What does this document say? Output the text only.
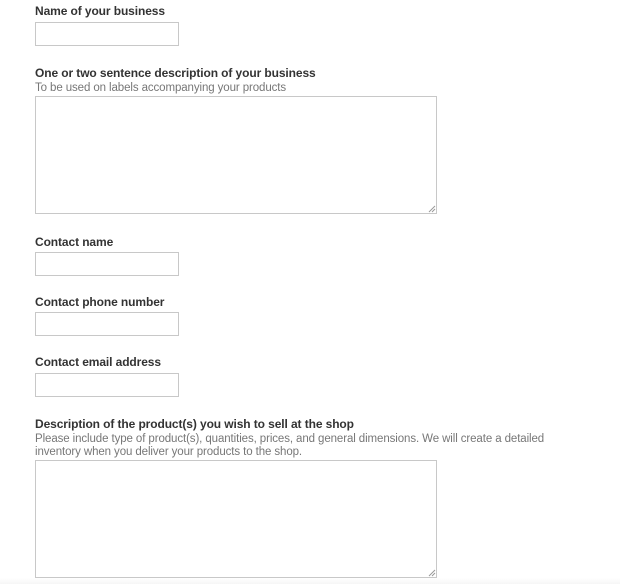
Name of your business
One or two sentence description of your business
To be used on labels accompanying your products
Contact name
Contact phone number
Contact email address
Description of the product(s) you wish to sell at the shop
Please include type of product(s), quantities, prices, and general dimensions. We will create a detailed
inventory when you deliver your products to the shop.
